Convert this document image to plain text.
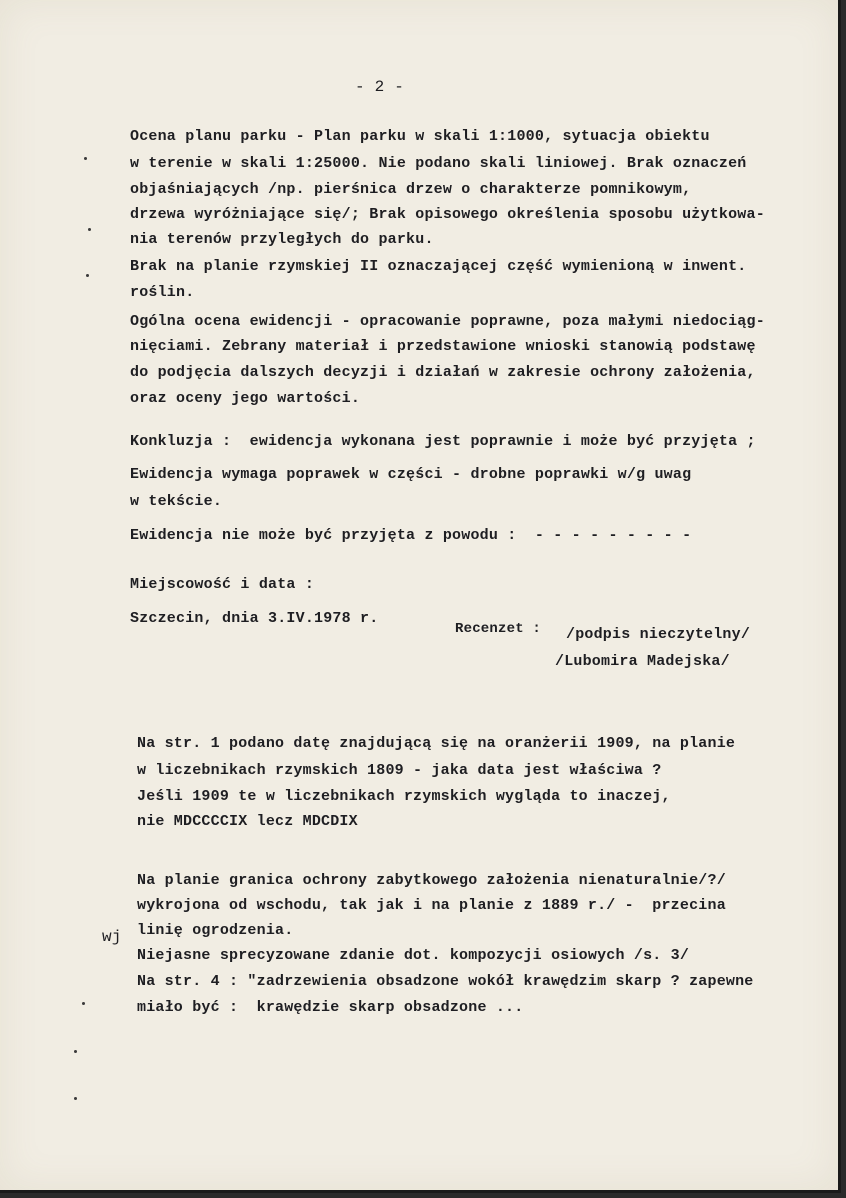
- 2 -
Ocena planu parku - Plan parku w skali 1:1000, sytuacja obiektu
w terenie w skali 1:25000. Nie podano skali liniowej. Brak oznaczeń
objaśniających /np. pierśnica drzew o charakterze pomnikowym,
drzewa wyróżniające się/; Brak opisowego określenia sposobu użytkowa-
nia terenów przyległych do parku.
Brak na planie rzymskiej II oznaczającej część wymienioną w inwent.
roślin.
Ogólna ocena ewidencji - opracowanie poprawne, poza małymi niedociąg-
nięciami. Zebrany materiał i przedstawione wnioski stanowią podstawę
do podjęcia dalszych decyzji i działań w zakresie ochrony założenia,
oraz oceny jego wartości.
Konkluzja :  ewidencja wykonana jest poprawnie i może być przyjęta ;
Ewidencja wymaga poprawek w części - drobne poprawki w/g uwag
w tekście.
Ewidencja nie może być przyjęta z powodu :  - - - - - - - - -
Miejscowość i data :
Szczecin, dnia 3.IV.1978 r.
Recenzet : /podpis nieczytelny/
/Lubomira Madejska/
Na str. 1 podano datę znajdującą się na oranżerii 1909, na planie
w liczebnikach rzymskich 1809 - jaka data jest właściwa ?
Jeśli 1909 te w liczebnikach rzymskich wygląda to inaczej,
nie MDCCCCIX lecz MDCDIX
Na planie granica ochrony zabytkowego założenia nienaturalnie/?/
wykrojona od wschodu, tak jak i na planie z 1889 r./ -  przecina
wj linię ogrodzenia.
Niejasne sprecyzowane zdanie dot. kompozycji osiowych /s. 3/
Na str. 4 : "zadrzewienia obsadzone wokół krawędzim skarp ? zapewne
miało być :  krawędzie skarp obsadzone ...
